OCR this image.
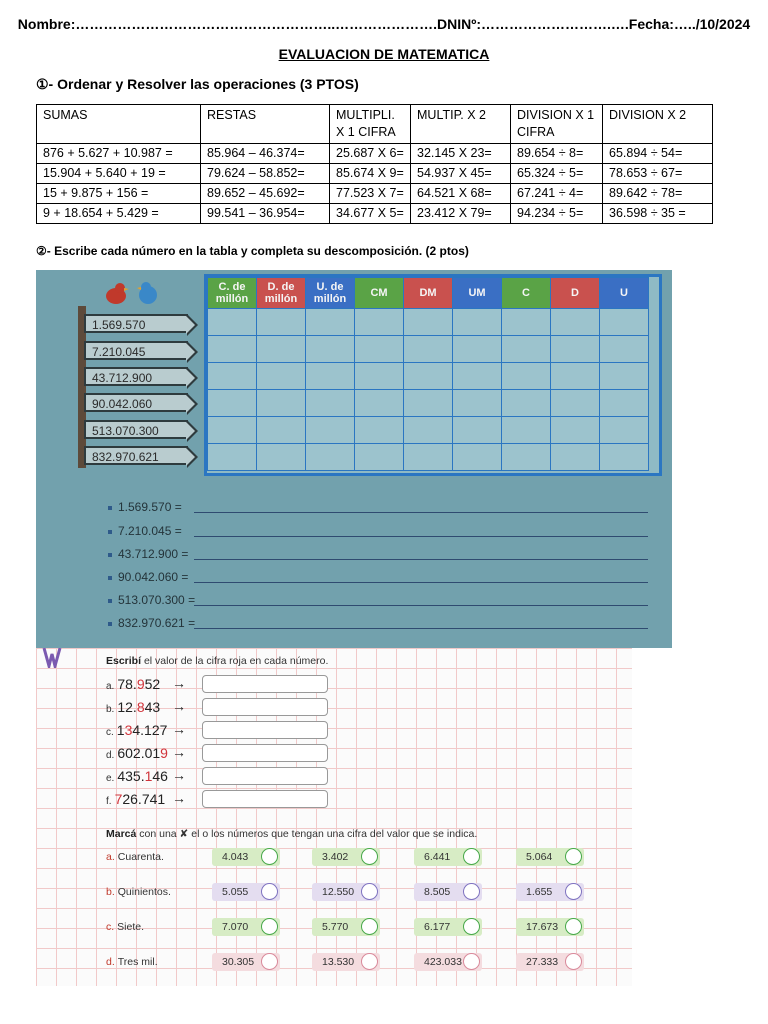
Nombre:………………………………………………..………………….DNINº:……………………….….Fecha:…../10/2024
EVALUACION DE MATEMATICA
①- Ordenar y Resolver las operaciones (3 PTOS)
SUMAS	RESTAS	MULTIPLI. X 1 CIFRA	MULTIP. X 2	DIVISION X 1 CIFRA	DIVISION X 2
876 + 5.627 + 10.987 =	85.964 – 46.374=	25.687 X 6=	32.145 X 23=	89.654 ÷ 8=	65.894 ÷ 54=
15.904 + 5.640 + 19 =	79.624 – 58.852=	85.674 X 9=	54.937 X 45=	65.324 ÷ 5=	78.653 ÷ 67=
15 + 9.875 + 156 =	89.652 – 45.692=	77.523 X 7=	64.521 X 68=	67.241 ÷ 4=	89.642 ÷ 78=
9 + 18.654 + 5.429 =	99.541 – 36.954=	34.677 X 5=	23.412 X 79=	94.234 ÷ 5=	36.598 ÷ 35 =
②- Escribe cada número en la tabla y completa su descomposición. (2 ptos)
1.569.570
7.210.045
43.712.900
90.042.060
513.070.300
832.970.621
C. de millón	D. de millón	U. de millón	CM	DM	UM	C	D	U

1.569.570 =
7.210.045 =
43.712.900 =
90.042.060 =
513.070.300 =
832.970.621 =
Escribí el valor de la cifra roja en cada número.
a. 78.952 →
b. 12.843 →
c. 134.127 →
d. 602.019 →
e. 435.146 →
f. 726.741 →
Marcá con una ✘ el o los números que tengan una cifra del valor que se indica.
a. Cuarenta.	4.043	3.402	6.441	5.064
b. Quinientos.	5.055	12.550	8.505	1.655
c. Siete.	7.070	5.770	6.177	17.673
d. Tres mil.	30.305	13.530	423.033	27.333
